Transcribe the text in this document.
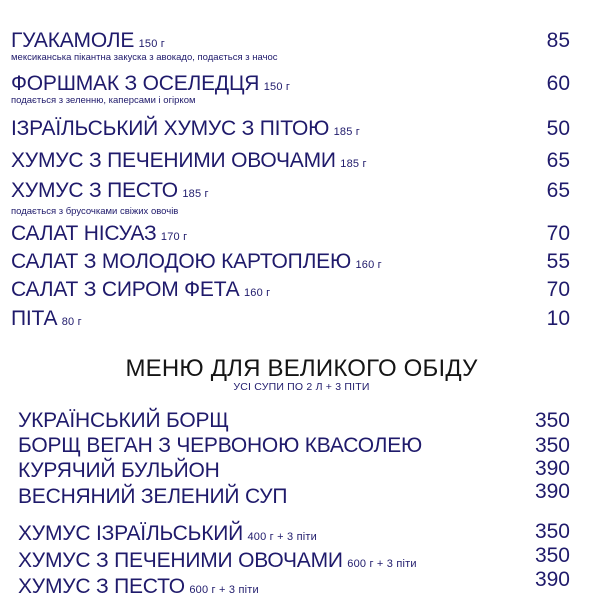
ГУАКАМОЛЕ 150 г
мексиканська пікантна закуска з авокадо, подається з начос
85
ФОРШМАК З ОСЕЛЕДЦЯ 150 г
подається з зеленню, каперсами і огірком
60
ІЗРАЇЛЬСЬКИЙ ХУМУС З ПІТОЮ 185 г	50
ХУМУС З ПЕЧЕНИМИ ОВОЧАМИ 185 г	65
ХУМУС З ПЕСТО 185 г
подається з брусочками свіжих овочів
65
САЛАТ НІСУАЗ 170 г	70
САЛАТ З МОЛОДОЮ КАРТОПЛЕЮ 160 г	55
САЛАТ З СИРОМ ФЕТА 160 г	70
ПІТА 80 г	10
МЕНЮ ДЛЯ ВЕЛИКОГО ОБІДУ
УСІ СУПИ ПО 2 Л + 3 ПІТИ
УКРАЇНСЬКИЙ БОРЩ	350
БОРЩ ВЕГАН З ЧЕРВОНОЮ КВАСОЛЕЮ	350
КУРЯЧИЙ БУЛЬЙОН	390
ВЕСНЯНИЙ ЗЕЛЕНИЙ СУП	390
ХУМУС ІЗРАЇЛЬСЬКИЙ 400 г + 3 піти	350
ХУМУС З ПЕЧЕНИМИ ОВОЧАМИ 600 г + 3 піти	350
ХУМУС З ПЕСТО 600 г + 3 піти	390
